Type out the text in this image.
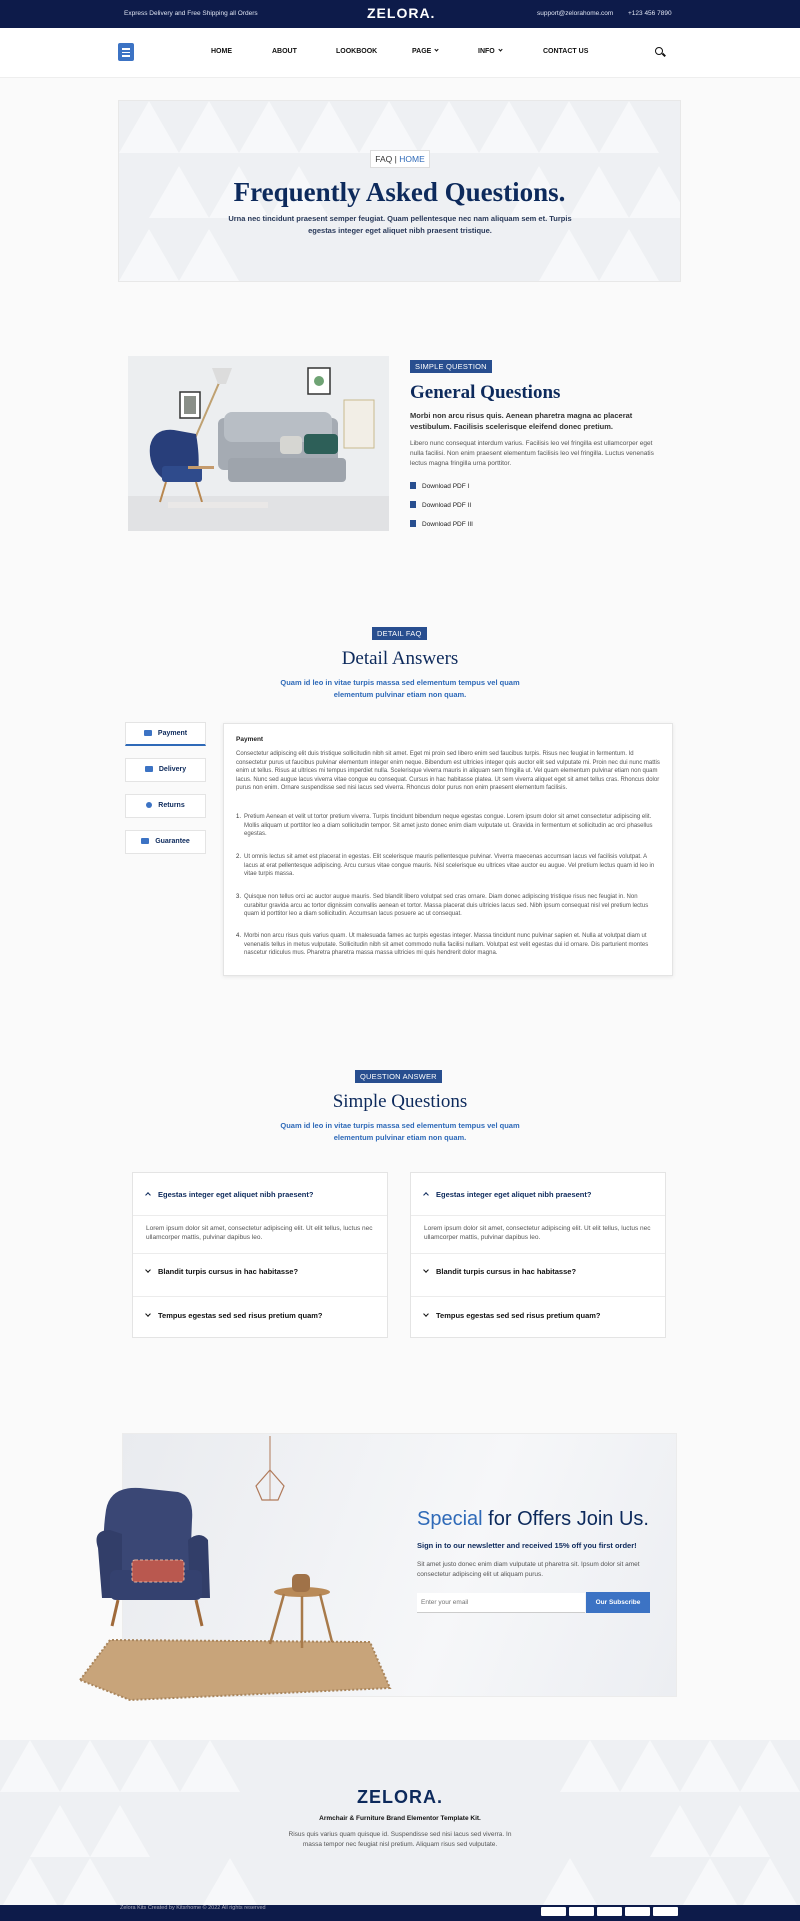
Express Delivery and Free Shipping all Orders	support@zelorahome.com +123 456 7890
ZELORA.
HOME	ABOUT	LOOKBOOK	PAGE	INFO	CONTACT US
FAQ | HOME
Frequently Asked Questions.
Urna nec tincidunt praesent semper feugiat. Quam pellentesque nec nam aliquam sem et. Turpis egestas integer eget aliquet nibh praesent tristique.
SIMPLE QUESTION
General Questions
Morbi non arcu risus quis. Aenean pharetra magna ac placerat vestibulum. Facilisis scelerisque eleifend donec pretium.
Libero nunc consequat interdum varius. Facilisis leo vel fringilla est ullamcorper eget nulla facilisi. Non enim praesent elementum facilisis leo vel fringilla. Luctus venenatis lectus magna fringilla urna porttitor.
Download PDF I
Download PDF II
Download PDF III
DETAIL FAQ
Detail Answers
Quam id leo in vitae turpis massa sed elementum tempus vel quam elementum pulvinar etiam non quam.
Payment
Delivery
Returns
Guarantee
Payment
Consectetur adipiscing elit duis tristique sollicitudin nibh sit amet. Eget mi proin sed libero enim sed faucibus turpis. Risus nec feugiat in fermentum. Id consectetur purus ut faucibus pulvinar elementum integer enim neque. Bibendum est ultricies integer quis auctor elit sed vulputate mi. Proin nec dui nunc mattis enim ut tellus. Risus at ultrices mi tempus imperdiet nulla. Scelerisque viverra mauris in aliquam sem fringilla ut. Vel quam elementum pulvinar etiam non quam lacus. Nunc sed augue lacus viverra vitae congue eu consequat. Cursus in hac habitasse platea. Ut sem viverra aliquet eget sit amet tellus cras. Rhoncus dolor purus non enim. Ornare suspendisse sed nisi lacus sed viverra. Rhoncus dolor purus non enim praesent elementum facilisis.
1. Pretium Aenean et velit ut tortor pretium viverra. Turpis tincidunt bibendum neque egestas congue. Lorem ipsum dolor sit amet consectetur adipiscing elit. Mollis aliquam ut porttitor leo a diam sollicitudin tempor. Sit amet justo donec enim diam vulputate ut. Gravida in fermentum et sollicitudin ac orci phasellus egestas.
2. Ut omnis lectus sit amet est placerat in egestas. Elit scelerisque mauris pellentesque pulvinar. Viverra maecenas accumsan lacus vel facilisis volutpat. A lacus at erat pellentesque adipiscing. Arcu cursus vitae congue mauris. Nisl scelerisque eu ultrices vitae auctor eu augue. Vel pretium lectus quam id leo in vitae turpis massa.
3. Quisque non tellus orci ac auctor augue mauris. Sed blandit libero volutpat sed cras ornare. Diam donec adipiscing tristique risus nec feugiat in. Non curabitur gravida arcu ac tortor dignissim convallis aenean et tortor. Massa placerat duis ultricies lacus sed. Nibh ipsum consequat nisl vel pretium lectus quam id porttitor leo a diam sollicitudin. Accumsan lacus posuere ac ut consequat.
4. Morbi non arcu risus quis varius quam. Ut malesuada fames ac turpis egestas integer. Massa tincidunt nunc pulvinar sapien et. Nulla at volutpat diam ut venenatis tellus in metus vulputate. Sollicitudin nibh sit amet commodo nulla facilisi nullam. Volutpat est velit egestas dui id ornare. Dis parturient montes nascetur ridiculus mus. Pharetra pharetra massa massa ultricies mi quis hendrerit dolor magna.
QUESTION ANSWER
Simple Questions
Quam id leo in vitae turpis massa sed elementum tempus vel quam elementum pulvinar etiam non quam.
Egestas integer eget aliquet nibh praesent?
Lorem ipsum dolor sit amet, consectetur adipiscing elit. Ut elit tellus, luctus nec ullamcorper mattis, pulvinar dapibus leo.
Blandit turpis cursus in hac habitasse?
Tempus egestas sed sed risus pretium quam?
Egestas integer eget aliquet nibh praesent?
Lorem ipsum dolor sit amet, consectetur adipiscing elit. Ut elit tellus, luctus nec ullamcorper mattis, pulvinar dapibus leo.
Blandit turpis cursus in hac habitasse?
Tempus egestas sed sed risus pretium quam?
Special for Offers Join Us.
Sign in to our newsletter and received 15% off you first order!
Sit amet justo donec enim diam vulputate ut pharetra sit. Ipsum dolor sit amet consectetur adipiscing elit ut aliquam purus.
Enter your email
Our Subscribe
ZELORA.
Armchair & Furniture Brand Elementor Template Kit.
Risus quis varius quam quisque id. Suspendisse sed nisi lacus sed viverra. In massa tempor nec feugiat nisl pretium. Aliquam risus sed vulputate.
Zelora Kits Created by Kitsrhome © 2022 All rights reserved
